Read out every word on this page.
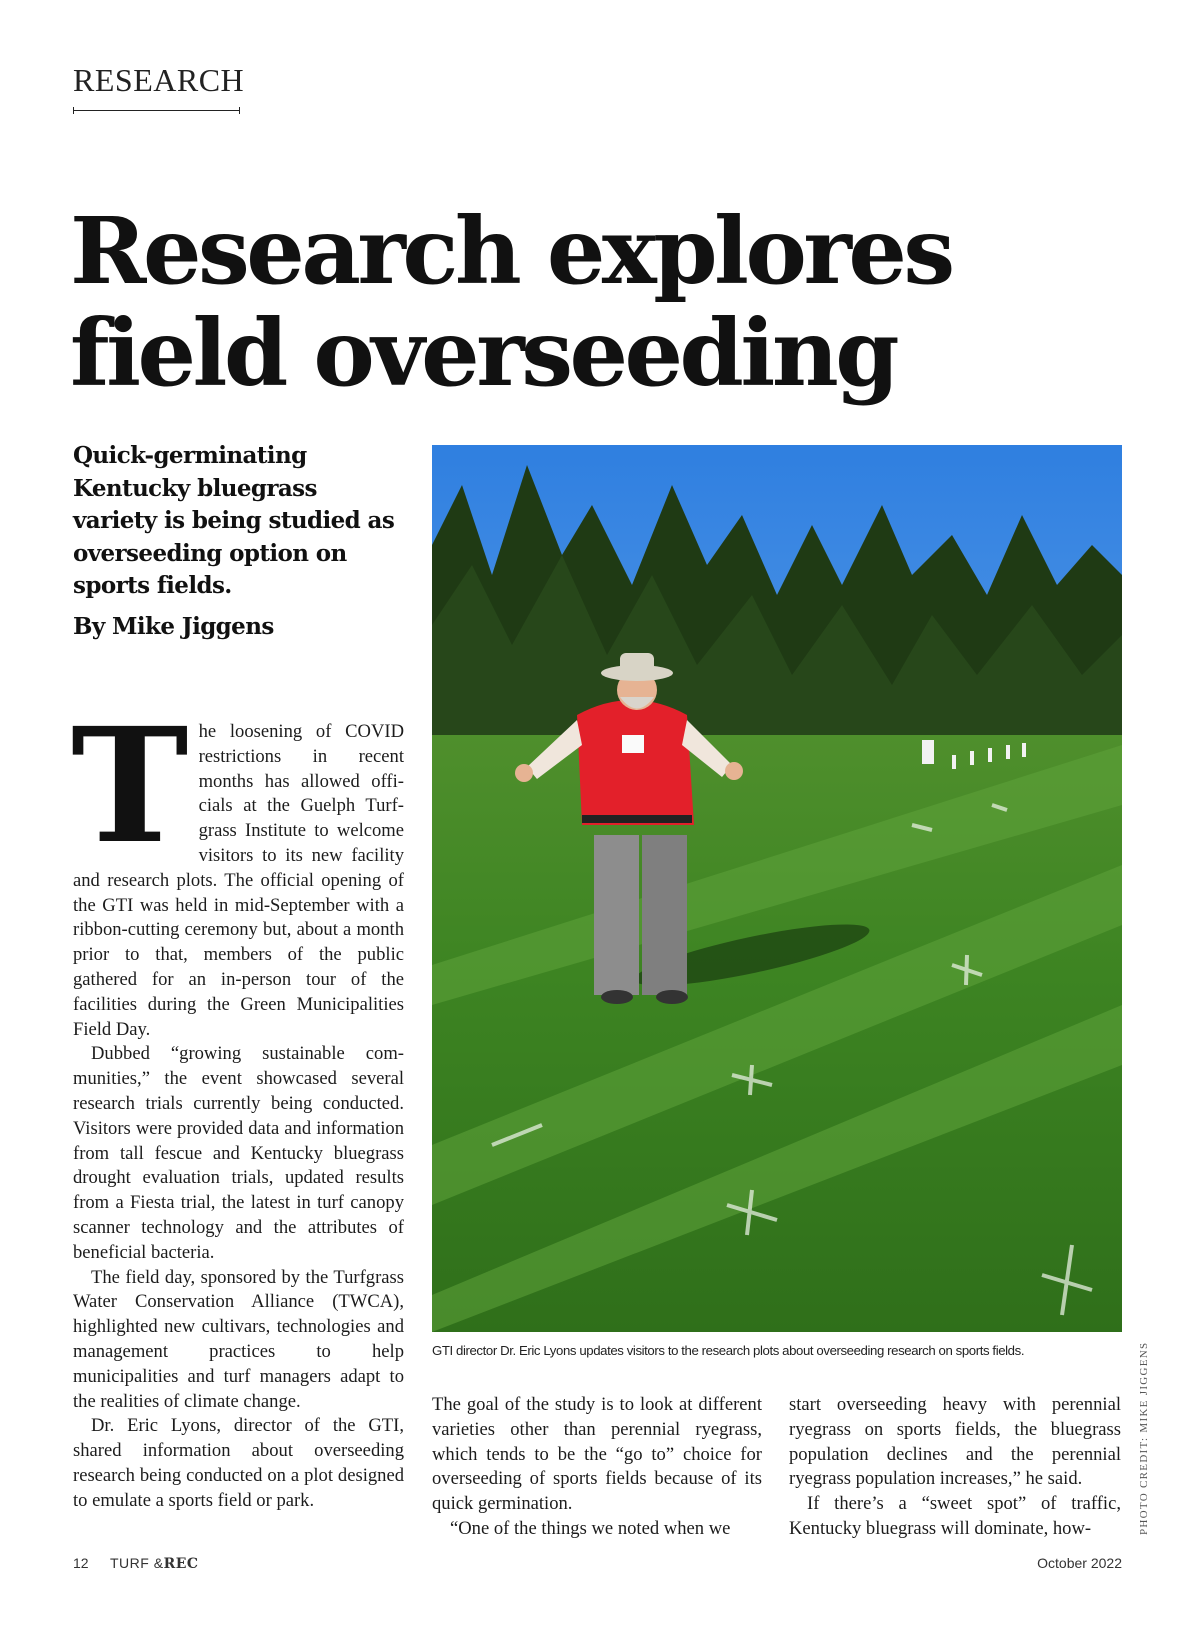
RESEARCH
Research explores field overseeding

Quick-germinating Kentucky bluegrass variety is being studied as overseeding option on sports fields.

By Mike Jiggens

T he loosening of COVID restrictions in recent months has allowed officials at the Guelph Turfgrass Institute to welcome visitors to its new facility and research plots. The official opening of the GTI was held in mid-September with a ribbon-cutting ceremony but, about a month prior to that, members of the public gathered for an in-person tour of the facilities during the Green Municipalities Field Day.

Dubbed “growing sustainable communities,” the event showcased several research trials currently being conducted. Visitors were provided data and information from tall fescue and Kentucky bluegrass drought evaluation trials, updated results from a Fiesta trial, the latest in turf canopy scanner technology and the attributes of beneficial bacteria.

The field day, sponsored by the Turfgrass Water Conservation Alliance (TWCA), highlighted new cultivars, technologies and management practices to help municipalities and turf managers adapt to the realities of climate change.

Dr. Eric Lyons, director of the GTI, shared information about overseeding research being conducted on a plot designed to emulate a sports field or park.

GTI director Dr. Eric Lyons updates visitors to the research plots about overseeding research on sports fields.	PHOTO CREDIT: MIKE JIGGENS

The goal of the study is to look at different varieties other than perennial ryegrass, which tends to be the “go to” choice for overseeding of sports fields because of its quick germination.

“One of the things we noted when we

start overseeding heavy with perennial ryegrass on sports fields, the bluegrass population declines and the perennial ryegrass population increases,” he said.

If there’s a “sweet spot” of traffic, Kentucky bluegrass will dominate, how-

12 TURF &REC	October 2022
